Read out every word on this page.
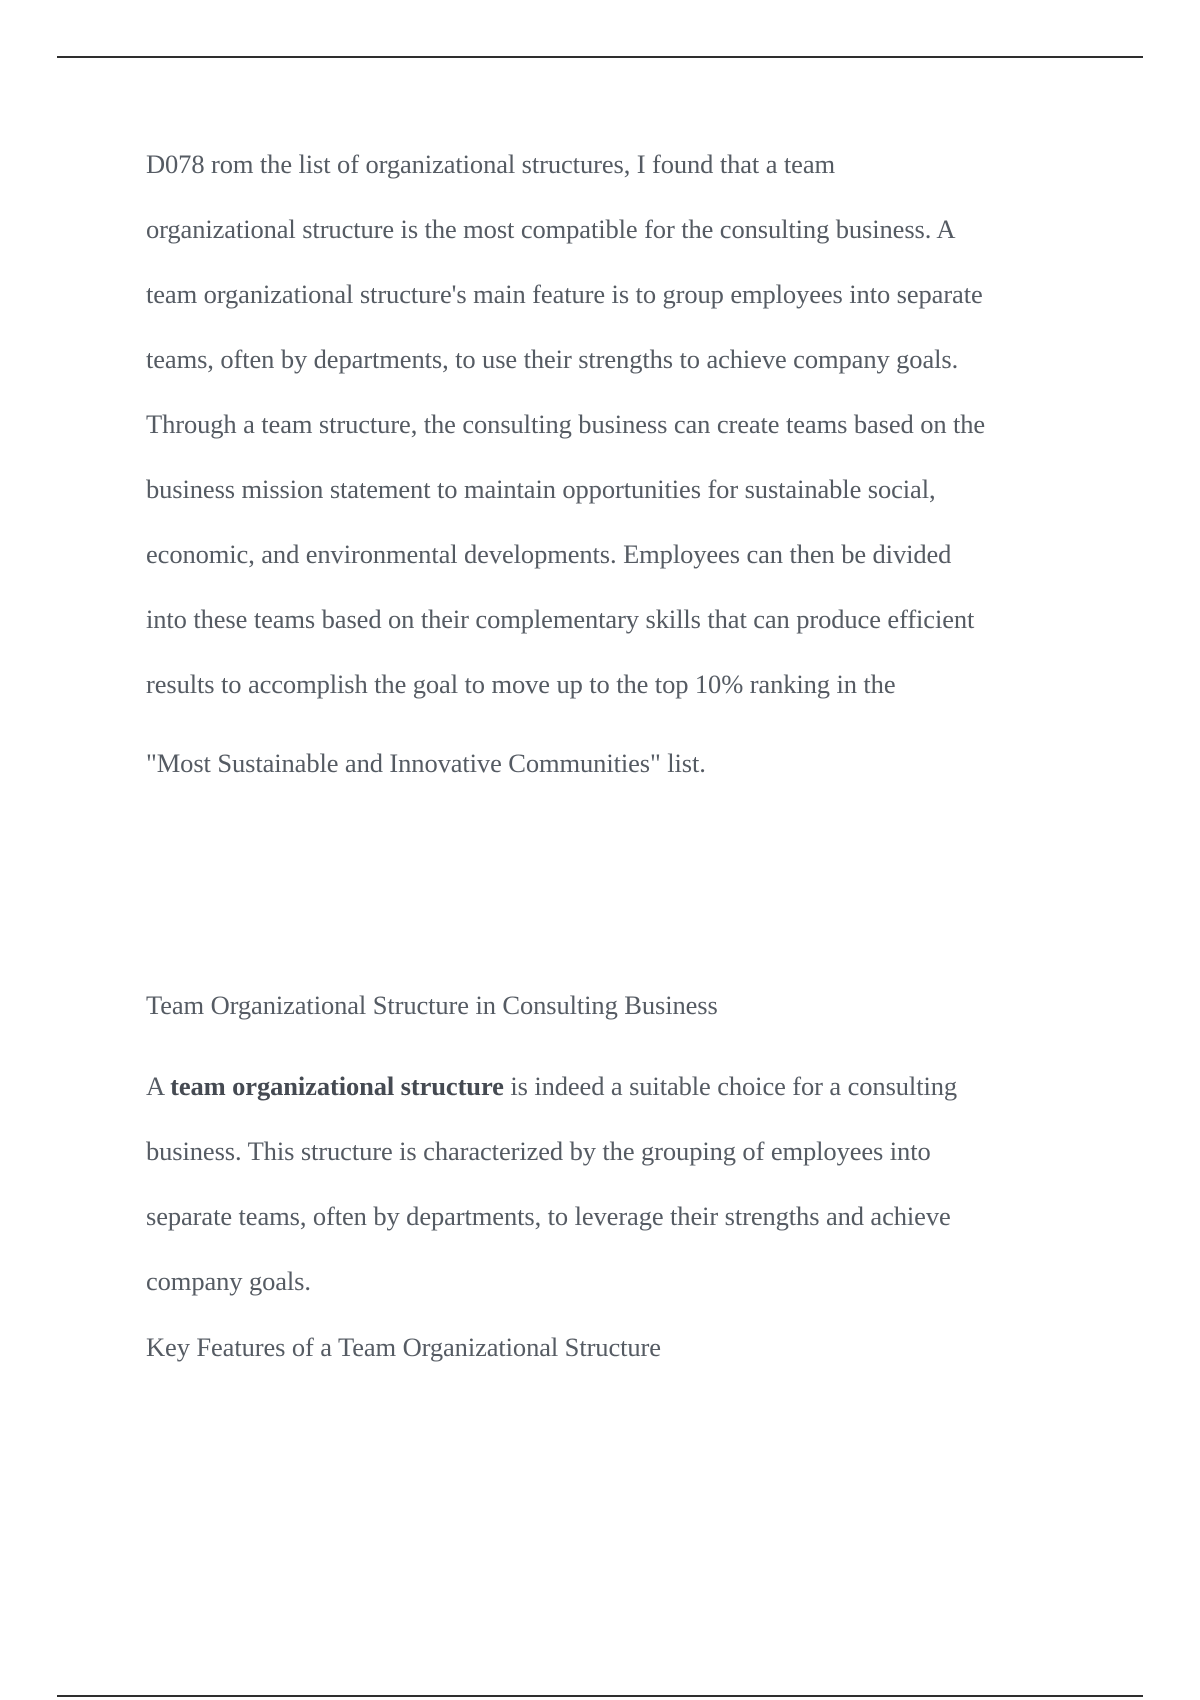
D078 rom the list of organizational structures, I found that a team
organizational structure is the most compatible for the consulting business. A
team organizational structure's main feature is to group employees into separate
teams, often by departments, to use their strengths to achieve company goals.
Through a team structure, the consulting business can create teams based on the
business mission statement to maintain opportunities for sustainable social,
economic, and environmental developments. Employees can then be divided
into these teams based on their complementary skills that can produce efficient
results to accomplish the goal to move up to the top 10% ranking in the
"Most Sustainable and Innovative Communities" list.
Team Organizational Structure in Consulting Business
A team organizational structure is indeed a suitable choice for a consulting
business. This structure is characterized by the grouping of employees into
separate teams, often by departments, to leverage their strengths and achieve
company goals.
Key Features of a Team Organizational Structure
